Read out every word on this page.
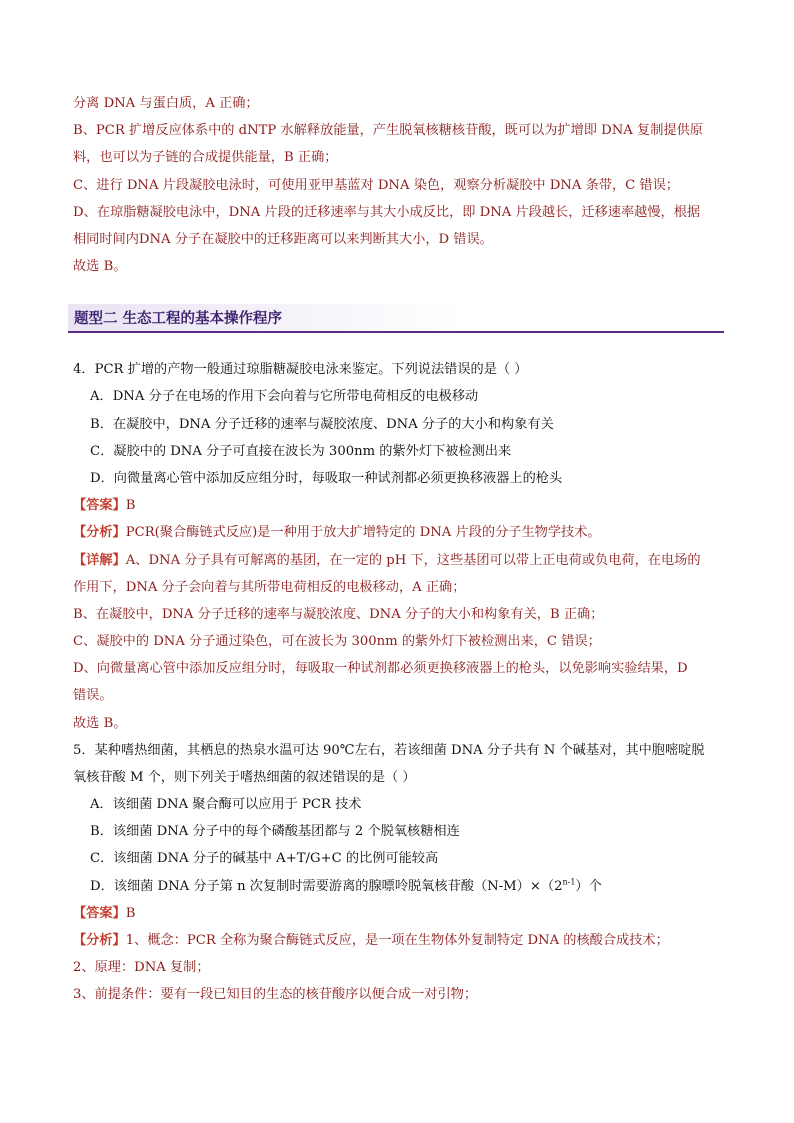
分离 DNA 与蛋白质，A 正确；
B、PCR 扩增反应体系中的 dNTP 水解释放能量，产生脱氧核糖核苷酸，既可以为扩增即 DNA 复制提供原
料，也可以为子链的合成提供能量，B 正确；
C、进行 DNA 片段凝胶电泳时，可使用亚甲基蓝对 DNA 染色，观察分析凝胶中 DNA 条带，C 错误；
D、在琼脂糖凝胶电泳中，DNA 片段的迁移速率与其大小成反比，即 DNA 片段越长，迁移速率越慢，根据
相同时间内DNA 分子在凝胶中的迁移距离可以来判断其大小，D 错误。
故选 B。
题型二 生态工程的基本操作程序
4．PCR 扩增的产物一般通过琼脂糖凝胶电泳来鉴定。下列说法错误的是（ ）
A．DNA 分子在电场的作用下会向着与它所带电荷相反的电极移动
B．在凝胶中，DNA 分子迁移的速率与凝胶浓度、DNA 分子的大小和构象有关
C．凝胶中的 DNA 分子可直接在波长为 300nm 的紫外灯下被检测出来
D．向微量离心管中添加反应组分时，每吸取一种试剂都必须更换移液器上的枪头
【答案】B
【分析】PCR(聚合酶链式反应)是一种用于放大扩增特定的 DNA 片段的分子生物学技术。
【详解】A、DNA 分子具有可解离的基团，在一定的 pH 下，这些基团可以带上正电荷或负电荷，在电场的
作用下，DNA 分子会向着与其所带电荷相反的电极移动，A 正确；
B、在凝胶中，DNA 分子迁移的速率与凝胶浓度、DNA 分子的大小和构象有关，B 正确；
C、凝胶中的 DNA 分子通过染色，可在波长为 300nm 的紫外灯下被检测出来，C 错误；
D、向微量离心管中添加反应组分时，每吸取一种试剂都必须更换移液器上的枪头，以免影响实验结果，D
错误。
故选 B。
5．某种嗜热细菌，其栖息的热泉水温可达 90℃左右，若该细菌 DNA 分子共有 N 个碱基对，其中胞嘧啶脱
氧核苷酸 M 个，则下列关于嗜热细菌的叙述错误的是（ ）
A．该细菌 DNA 聚合酶可以应用于 PCR 技术
B．该细菌 DNA 分子中的每个磷酸基团都与 2 个脱氧核糖相连
C．该细菌 DNA 分子的碱基中 A+T/G+C 的比例可能较高
D．该细菌 DNA 分子第 n 次复制时需要游离的腺嘌呤脱氧核苷酸$(N-M)\times(2^{n-1})$个
【答案】B
【分析】1、概念：PCR 全称为聚合酶链式反应，是一项在生物体外复制特定 DNA 的核酸合成技术；
2、原理：DNA 复制；
3、前提条件：要有一段已知目的生态的核苷酸序以便合成一对引物；
